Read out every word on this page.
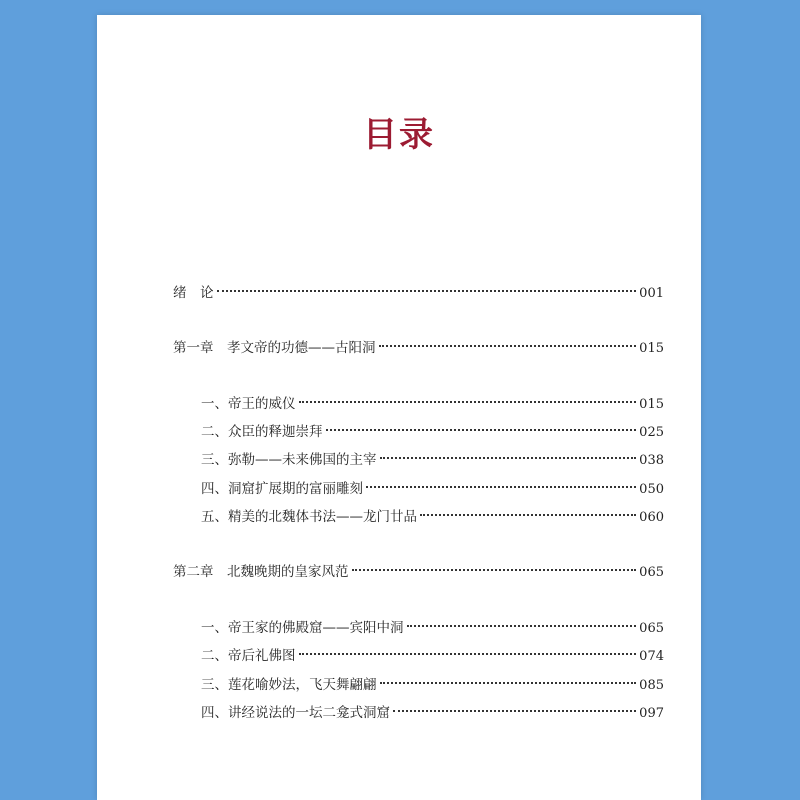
目录
绪　论	001
第一章　孝文帝的功德——古阳洞	015
一、帝王的威仪	015
二、众臣的释迦崇拜	025
三、弥勒——未来佛国的主宰	038
四、洞窟扩展期的富丽雕刻	050
五、精美的北魏体书法——龙门廿品	060
第二章　北魏晚期的皇家风范	065
一、帝王家的佛殿窟——宾阳中洞	065
二、帝后礼佛图	074
三、莲花喻妙法，飞天舞翩翩	085
四、讲经说法的一坛二龛式洞窟	097
